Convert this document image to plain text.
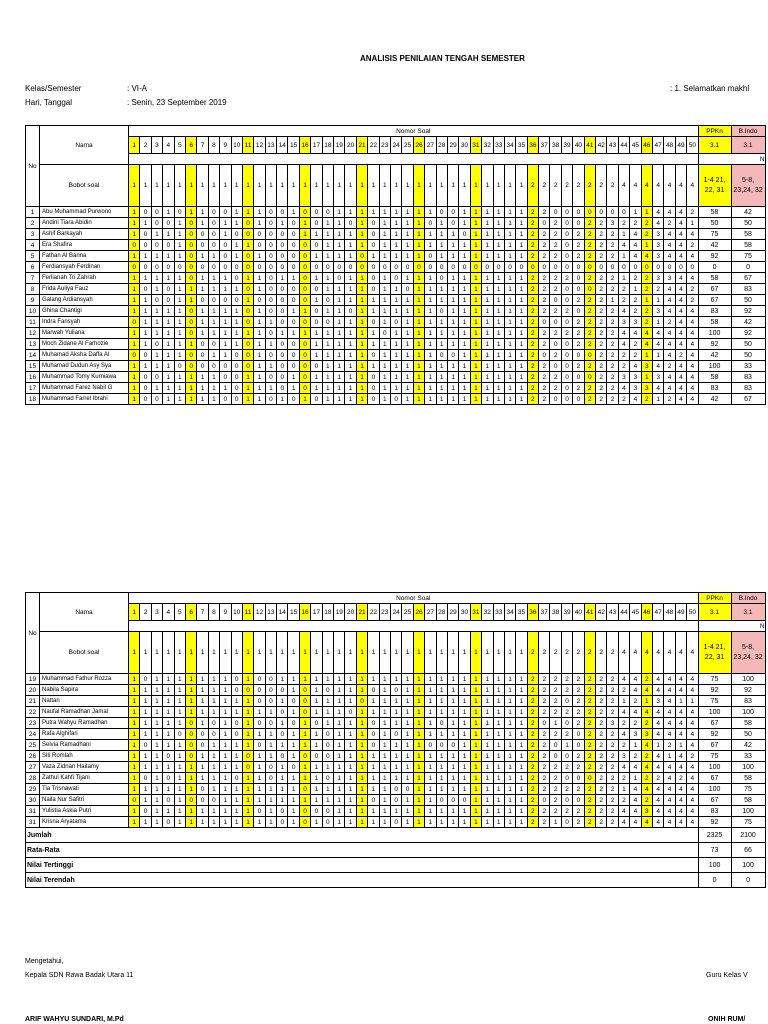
ANALISIS PENILAIAN TENGAH SEMESTER
Kelas/Semester	: VI-A
Hari, Tanggal	: Senin, 23 September 2019
: 1. Selamatkan makhl
No	Nama	Nomor Soal																																																		PPKn	B.Indo
		1	2	3	4	5	6	7	8	9	10	11	12	13	14	15	16	17	18	19	20	21	22	23	24	25	26	27	28	29	30	31	32	33	34	35	36	37	38	39	40	41	42	43	44	45	46	47	48	49	50	3.1	3.1
																																																				N	
	Bobot soal	1	1	1	1	1	1	1	1	1	1	1	1	1	1	1	1	1	1	1	1	1	1	1	1	1	1	1	1	1	1	1	1	1	1	1	2	2	2	2	2	2	2	2	4	4	4	4	4	4	4	1-4 21, 22, 31	5-8, 23,24, 32
1	Abu Muhammad Purwono	1	0	0	1	0	1	1	0	0	1	1	1	0	0	1	0	0	0	1	1	1	1	1	1	1	1	1	0	0	1	1	1	1	1	1	2	2	0	0	0	0	0	0	0	1	1	4	4	4	2	58	42
2	Andini Tiara Abidin	1	1	0	0	1	0	1	0	1	1	0	1	0	1	0	1	0	1	1	0	1	0	1	1	1	1	0	1	0	1	1	1	1	1	1	2	0	2	0	0	2	2	3	2	2	2	4	2	4	1	50	50
3	Ashif Barkayah	1	0	1	1	1	0	0	0	1	0	0	0	0	0	0	1	1	1	1	1	1	0	1	1	1	1	1	1	1	0	1	1	1	1	1	2	2	2	0	2	2	2	2	1	4	2	3	4	4	4	75	58
4	Era Shafira	0	0	0	0	1	0	0	0	0	1	1	0	0	0	0	0	0	1	1	1	1	0	1	1	1	1	1	1	1	1	1	1	1	1	1	2	2	2	0	2	2	2	2	4	4	1	3	4	4	2	42	58
5	Fathan Al Banna	1	1	1	1	1	0	1	1	0	1	0	1	0	0	0	0	1	1	1	1	0	1	1	1	1	1	0	1	1	1	1	1	1	1	1	2	2	2	0	2	2	2	2	1	4	4	3	4	4	4	92	75
6	Ferdiansyah Ferdinan	0	0	0	0	0	0	0	0	0	0	0	0	0	0	0	0	0	0	0	0	0	0	0	0	0	0	0	0	0	0	0	0	0	0	0	0	0	0	0	0	0	0	0	0	0	0	0	0	0	0	0	0
7	Ferlianah Tri Zahrah	1	1	1	1	1	0	1	1	1	0	1	1	0	1	1	0	1	1	0	1	1	0	1	0	1	1	1	0	1	1	1	1	1	1	1	2	2	2	2	0	2	2	2	1	2	2	3	3	4	4	58	67
8	Frida Auliya Fauz	1	0	1	0	1	1	1	1	1	1	0	1	0	0	0	0	0	1	1	1	1	0	1	1	0	1	1	1	1	1	1	1	1	1	1	2	2	2	0	0	0	2	2	2	1	2	2	4	4	2	67	83
9	Galang Ardiansyah	1	1	0	0	1	1	0	0	0	0	1	0	0	0	0	0	1	0	1	1	1	1	1	1	1	1	1	1	1	1	1	1	1	1	1	2	2	0	0	2	2	2	1	2	2	1	1	4	4	2	67	50
10	Ghina Chantigi	1	1	1	1	1	0	1	1	1	1	0	1	0	0	1	1	0	1	1	0	1	1	1	1	1	1	1	0	1	1	1	1	1	1	1	2	2	2	2	0	2	2	2	4	2	2	3	4	4	4	83	92
11	Indra Fansyah	0	1	1	1	1	0	1	1	1	1	0	1	1	0	0	0	0	0	1	1	1	0	1	0	1	1	1	1	1	1	1	1	1	1	1	2	0	0	0	2	2	2	2	3	3	2	1	2	4	4	58	42
12	Marwah Yuliana	1	1	1	1	1	0	1	1	1	1	1	1	0	1	1	1	1	1	1	1	1	1	0	1	1	1	1	1	1	1	1	1	1	1	1	2	2	2	2	2	2	2	2	4	4	4	4	4	4	4	100	92
13	Moch Zidane Al Farhozie	1	1	0	1	1	1	0	0	1	1	0	1	1	0	0	0	1	1	1	1	1	1	1	1	1	1	1	1	1	1	1	1	1	1	1	2	2	0	0	2	2	2	2	4	2	4	4	4	4	4	92	50
14	Muhamad Aksha Daffa Al	0	0	1	1	1	0	0	1	1	0	0	1	0	0	0	0	1	1	1	1	1	0	1	1	1	1	1	0	0	1	1	1	1	1	1	2	0	2	0	0	0	2	2	2	2	1	1	4	2	4	42	50
15	Muhamad Dudun Asy Sya	1	1	1	1	0	0	0	0	0	0	0	1	1	0	0	0	0	1	1	1	1	1	1	1	1	1	1	1	1	1	1	1	1	1	1	2	2	0	0	2	2	2	2	2	4	3	4	2	4	4	100	33
16	Muhammad Tomy Kurniawa	1	0	0	1	1	1	1	1	0	0	1	1	0	0	1	0	1	1	1	1	1	0	1	1	1	1	1	1	1	1	1	1	1	1	1	2	2	2	0	0	0	2	2	3	3	1	3	4	4	4	58	83
17	Muhammad Farez Nabil G	1	0	1	1	1	1	1	1	1	0	1	1	1	0	1	0	1	1	1	1	1	0	1	1	1	1	1	1	1	1	1	1	1	1	1	2	2	2	0	2	2	2	2	4	3	3	4	4	4	4	83	83
18	Muhammad Farrel Ibrahi	1	0	0	1	1	1	1	1	0	0	1	1	0	1	0	1	0	1	1	1	1	0	1	0	1	1	1	1	1	1	1	1	1	1	1	2	2	0	0	0	2	2	2	2	4	2	1	2	4	4	42	67
No	Nama	Nomor Soal																																																		PPKn	B.Indo
		1	2	3	4	5	6	7	8	9	10	11	12	13	14	15	16	17	18	19	20	21	22	23	24	25	26	27	28	29	30	31	32	33	34	35	36	37	38	39	40	41	42	43	44	45	46	47	48	49	50	3.1	3.1
																																																				N	
	Bobot soal	1	1	1	1	1	1	1	1	1	1	1	1	1	1	1	1	1	1	1	1	1	1	1	1	1	1	1	1	1	1	1	1	1	1	1	2	2	2	2	2	2	2	2	4	4	4	4	4	4	4	1-4 21, 22, 31	5-8, 23,24, 32
19	Muhammad Fathur Rozza	1	0	1	1	1	1	1	1	1	0	1	0	0	1	1	1	1	1	1	1	1	1	1	1	1	1	1	1	1	1	1	1	1	1	1	2	2	2	2	2	2	2	2	4	4	2	4	4	4	4	75	100
20	Nabila Sapira	1	1	1	1	1	1	1	1	1	0	0	0	0	0	1	0	1	0	1	1	1	0	1	0	1	1	1	1	1	1	1	1	1	1	1	2	2	2	2	2	2	2	2	2	4	4	4	4	4	4	92	92
21	Nattan	1	1	1	1	1	1	1	1	1	1	1	0	0	1	0	0	1	1	1	1	0	1	1	1	1	1	1	1	1	1	1	1	1	1	1	2	2	2	0	2	2	2	2	1	2	1	3	4	1	1	75	83
22	Naufal Ramadhan Jamal	1	1	1	1	1	1	1	1	1	1	1	1	1	0	1	0	1	1	1	0	1	1	1	1	1	1	1	1	1	1	1	1	1	1	1	2	2	2	2	2	2	2	2	4	4	4	4	4	4	4	100	100
23	Putra Wahyu Ramadhan	1	1	1	1	1	0	1	0	1	0	1	0	0	1	0	1	0	1	1	1	1	0	1	1	1	1	1	0	1	1	1	1	1	1	1	2	0	1	0	2	2	2	3	2	2	2	4	4	4	4	67	58
24	Rafa Alghifari	1	1	1	1	0	0	0	0	1	0	1	1	1	0	1	1	1	0	1	1	1	0	1	0	1	1	1	1	1	1	1	1	1	1	1	2	2	2	2	0	2	2	2	4	3	3	4	4	4	4	92	50
25	Selvia Ramadhani	1	0	1	1	1	0	0	1	1	1	1	0	1	1	1	1	1	0	1	1	1	0	1	1	1	1	0	0	0	1	1	1	1	1	1	2	2	0	1	0	2	2	2	2	1	4	1	2	1	4	67	42
26	Siti Romlah	1	1	1	0	1	0	1	1	1	1	0	1	1	0	1	0	0	0	1	1	1	1	1	1	1	1	1	1	1	1	1	1	1	1	1	2	2	0	0	2	2	2	2	3	2	2	4	1	4	2	75	33
27	Vaza Zidnan Haitamy	1	1	1	1	1	1	1	1	1	1	0	1	0	1	0	1	1	1	1	1	1	1	1	1	1	1	1	1	1	1	1	1	1	1	1	2	2	2	2	2	2	2	2	4	4	4	4	4	4	4	100	100
28	Zathul Kahfi Tijani	1	0	1	0	1	1	1	1	1	0	1	1	0	1	1	1	1	0	1	1	1	1	1	1	1	1	1	1	1	1	1	1	1	1	1	2	2	2	0	0	0	2	2	2	1	2	2	4	2	4	67	58
29	Tia Trisnawati	1	1	1	1	1	1	0	1	1	1	1	1	1	1	1	0	1	1	1	1	1	1	1	0	0	1	1	1	1	1	1	1	1	1	1	2	2	2	2	2	2	2	2	1	4	4	4	4	4	4	100	75
30	Naila Nur Safitri	0	1	1	0	1	0	0	0	1	1	1	1	1	1	1	1	1	1	1	1	1	0	1	0	1	1	1	0	0	0	1	1	1	1	1	2	0	2	0	0	2	2	2	2	4	2	4	4	4	4	67	58
31	Yulistia Askia Putri	1	0	1	1	1	1	1	1	1	1	1	0	1	0	1	0	0	0	1	1	1	1	1	1	1	1	1	1	1	1	1	1	1	1	1	2	2	2	2	2	2	2	2	4	4	3	4	4	4	4	83	100
31	Krisna Aryatama	1	1	1	0	1	1	1	1	1	1	1	1	1	0	1	0	1	0	1	1	1	1	1	0	1	1	1	1	1	1	1	1	1	1	1	2	2	1	0	2	2	2	2	4	4	4	4	4	4	4	92	75
Jumlah																																																				2325	2100
Rata-Rata																																																				73	66
Nilai Tertinggi																																																				100	100
Nilai Terendah																																																				0	0
Mengetahui,
Kepala SDN Rawa Badak Utara 11	Guru Kelas V
ARIF WAHYU SUNDARI, M.Pd	ONIH RUM/
